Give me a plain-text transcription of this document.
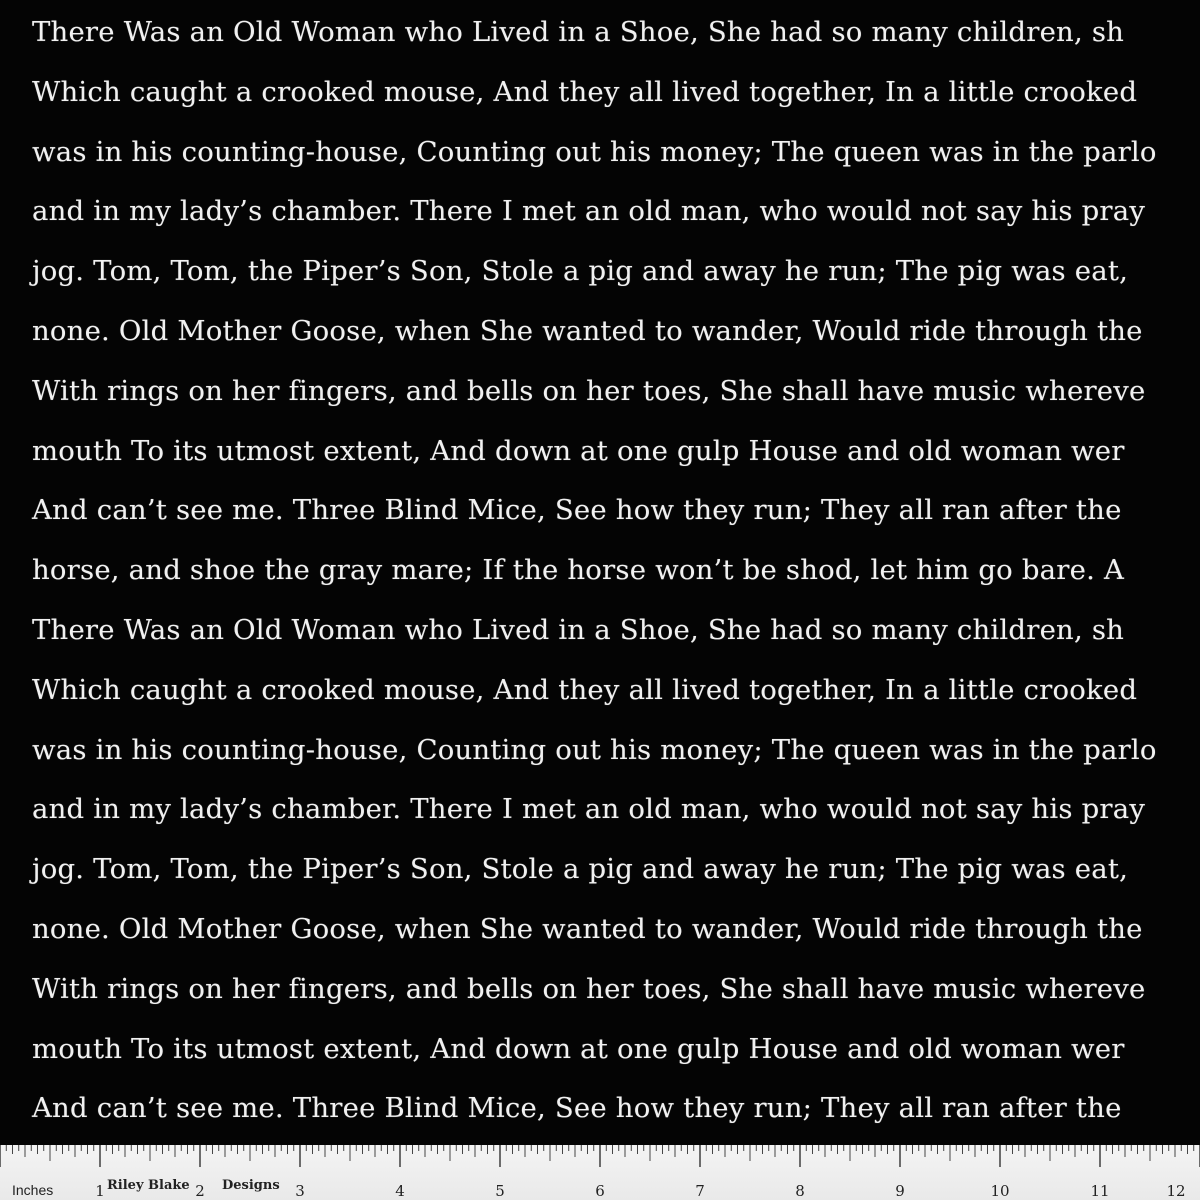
There Was an Old Woman who Lived in a Shoe, She had so many children, sh
Which caught a crooked mouse, And they all lived together, In a little crooked
was in his counting-house, Counting out his money; The queen was in the parlo
and in my lady’s chamber. There I met an old man, who would not say his pray
jog. Tom, Tom, the Piper’s Son, Stole a pig and away he run; The pig was eat,
none. Old Mother Goose, when She wanted to wander, Would ride through the
With rings on her fingers, and bells on her toes, She shall have music whereve
mouth To its utmost extent, And down at one gulp House and old woman wer
And can’t see me. Three Blind Mice, See how they run; They all ran after the
horse, and shoe the gray mare; If the horse won’t be shod, let him go bare. A
There Was an Old Woman who Lived in a Shoe, She had so many children, sh
Which caught a crooked mouse, And they all lived together, In a little crooked
was in his counting-house, Counting out his money; The queen was in the parlo
and in my lady’s chamber. There I met an old man, who would not say his pray
jog. Tom, Tom, the Piper’s Son, Stole a pig and away he run; The pig was eat,
none. Old Mother Goose, when She wanted to wander, Would ride through the
With rings on her fingers, and bells on her toes, She shall have music whereve
mouth To its utmost extent, And down at one gulp House and old woman wer
And can’t see me. Three Blind Mice, See how they run; They all ran after the
Inches	Riley Blake Designs
1	2	3	4	5	6	7	8	9	10	11	12
